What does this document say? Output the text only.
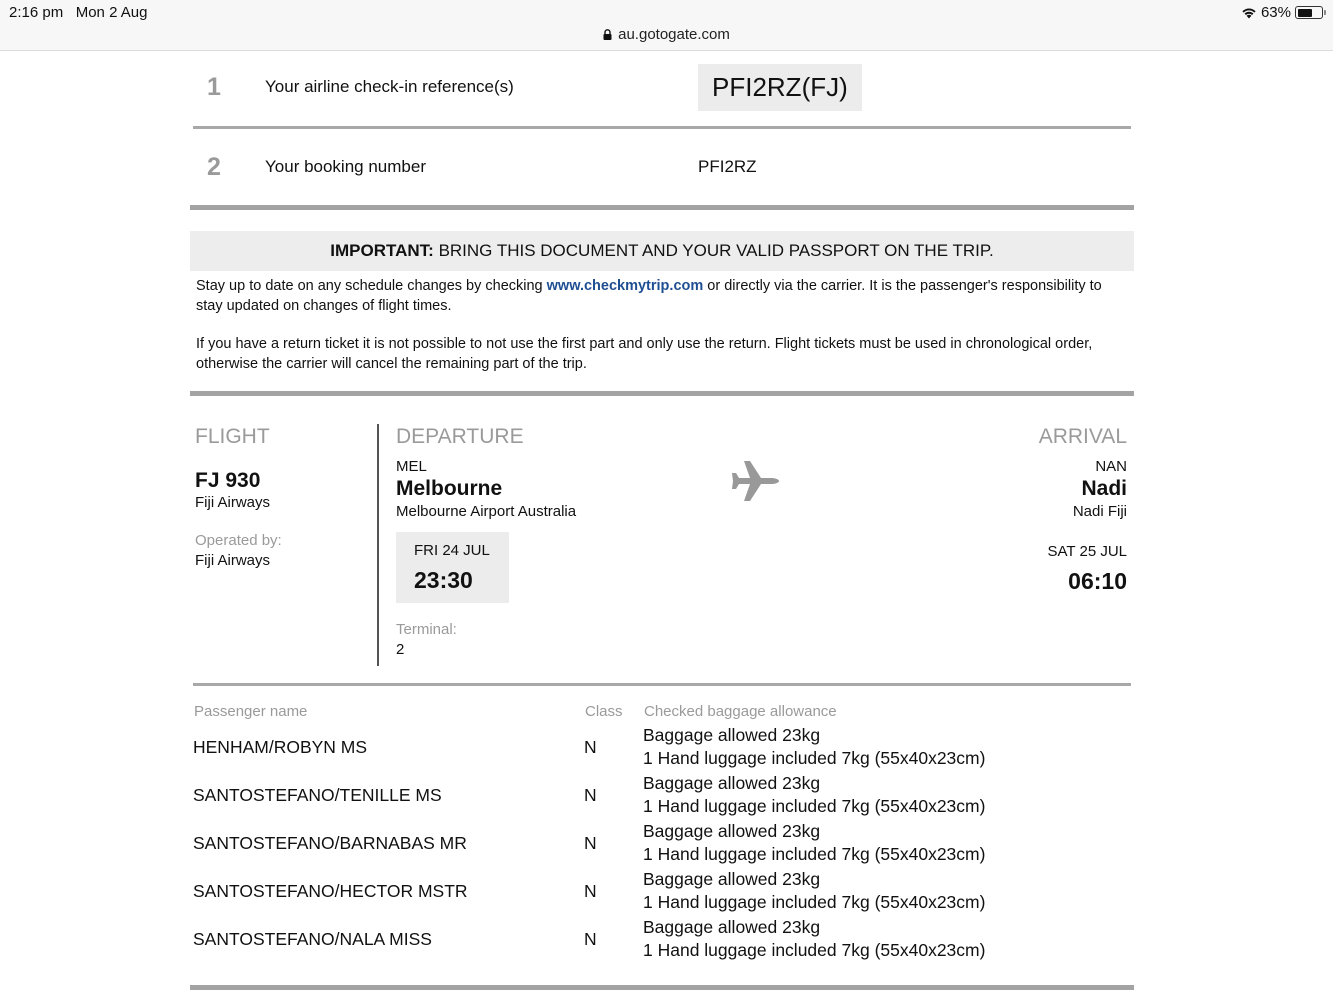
2:16 pm Mon 2 Aug	63%
au.gotogate.com
1	Your airline check-in reference(s)	PFI2RZ(FJ)
2	Your booking number	PFI2RZ
IMPORTANT: BRING THIS DOCUMENT AND YOUR VALID PASSPORT ON THE TRIP.
Stay up to date on any schedule changes by checking www.checkmytrip.com or directly via the carrier. It is the passenger's responsibility to stay updated on changes of flight times.
If you have a return ticket it is not possible to not use the first part and only use the return. Flight tickets must be used in chronological order, otherwise the carrier will cancel the remaining part of the trip.
FLIGHT
FJ 930
Fiji Airways
Operated by:
Fiji Airways
DEPARTURE
MEL
Melbourne
Melbourne Airport Australia
FRI 24 JUL
23:30
Terminal:
2
ARRIVAL
NAN
Nadi
Nadi Fiji
SAT 25 JUL
06:10
Passenger name	Class Checked baggage allowance
HENHAM/ROBYN MS	N
Baggage allowed 23kg
1 Hand luggage included 7kg (55x40x23cm)
SANTOSTEFANO/TENILLE MS	N
Baggage allowed 23kg
1 Hand luggage included 7kg (55x40x23cm)
SANTOSTEFANO/BARNABAS MR	N
Baggage allowed 23kg
1 Hand luggage included 7kg (55x40x23cm)
SANTOSTEFANO/HECTOR MSTR	N
Baggage allowed 23kg
1 Hand luggage included 7kg (55x40x23cm)
SANTOSTEFANO/NALA MISS	N
Baggage allowed 23kg
1 Hand luggage included 7kg (55x40x23cm)
